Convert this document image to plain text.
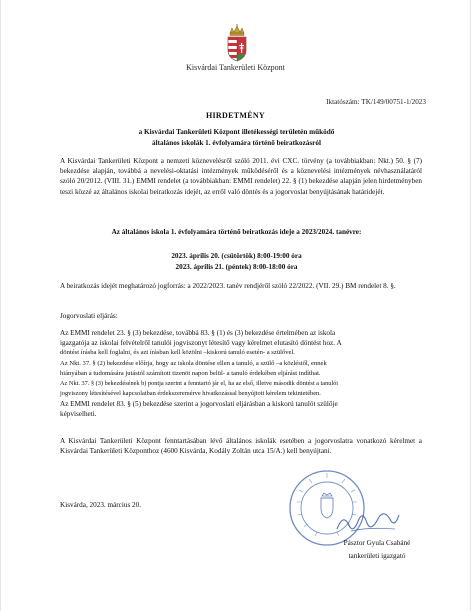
Kisvárdai Tankerületi Központ
Iktatószám: TK/149/00751-1/2023
HIRDETMÉNY
a Kisvárdai Tankerületi Központ illetékességi területén működő
általános iskolák 1. évfolyamára történő beiratkozásról
A Kisvárdai Tankerületi Központ a nemzeti köznevelésről szóló 2011. évi CXC. törvény (a továbbiakban: Nkt.) 50. § (7) bekezdése alapján, továbbá a nevelési-oktatási intézmények működéséről és a köznevelési intézmények névhasználatáról szóló 20/2012. (VIII. 31.) EMMI rendelet (a továbbiakban: EMMI rendelet) 22. § (1) bekezdése alapján jelen hirdetményben teszi közzé az általános iskolai beiratkozás idejét, az erről való döntés és a jogorvoslat benyújtásának határidejét.
Az általános iskola 1. évfolyamára történő beiratkozás ideje a 2023/2024. tanévre:
2023. április 20. (csütörtök) 8:00-19:00 óra
2023. április 21. (péntek) 8:00-18:00 óra
A beiratkozás idejét meghatározó jogforrás: a 2022/2023. tanév rendjéről szóló 22/2022. (VII. 29.) BM rendelet 8. §.
Jogorvoslati eljárás:
Az EMMI rendelet 23. § (3) bekezdése, továbbá 83. § (1) és (3) bekezdése értelmében az iskola
igazgatója az iskolai felvételről tanulói jogviszonyt létesítő vagy kérelmet elutasító döntést hoz. A
döntést írásba kell foglalni, és azt írásban kell közölni –kiskorú tanuló esetén- a szülővel.
Az Nkt. 37. § (2) bekezdése előírja, hogy az iskola döntése ellen a tanuló, a szülő –a közléstől, ennek
hiányában a tudomására jutástól számított tizenöt napon belül- a tanuló érdekében eljárást indíthat.
Az Nkt. 37. § (3) bekezdésének b) pontja szerint a fenntartó jár el, ha az első, illetve második döntést a tanulói
jogviszony létesítésével kapcsolatban érdekszeremérve hivatkozással benyújtott kérelem tekintetében.
Az EMMI rendelet 83. § (5) bekezdése szerint a jogorvoslati eljárásban a kiskorú tanulót szülője
képviselheti.
A Kisvárdai Tankerületi Központ fenntartásában lévő általános iskolák esetében a jogorvoslatra vonatkozó kérelmet a Kisvárdai Tankerületi Központhoz (4600 Kisvárda, Kodály Zoltán utca 15/A.) kell benyújtani.
Kisvárda, 2023. március 20.
Pásztor Gyula Csabáné
tankerületi igazgató
